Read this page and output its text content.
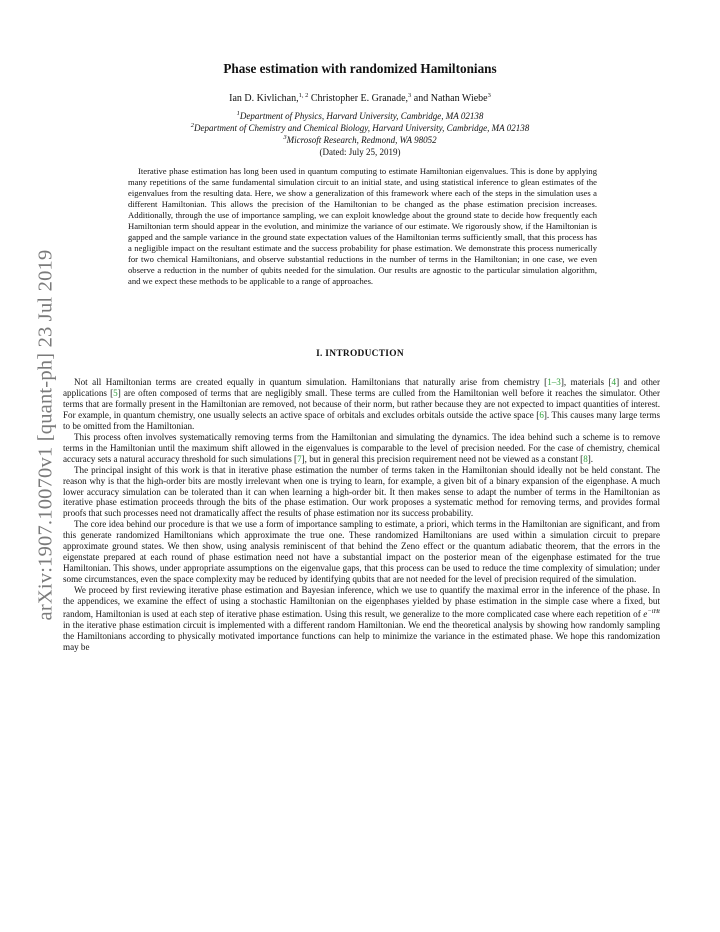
arXiv:1907.10070v1 [quant-ph] 23 Jul 2019
Phase estimation with randomized Hamiltonians
Ian D. Kivlichan,$^{1, 2}$ Christopher E. Granade,$^3$ and Nathan Wiebe$^3$
$^1$Department of Physics, Harvard University, Cambridge, MA 02138
$^2$Department of Chemistry and Chemical Biology, Harvard University, Cambridge, MA 02138
$^3$Microsoft Research, Redmond, WA 98052
(Dated: July 25, 2019)

Iterative phase estimation has long been used in quantum computing to estimate Hamiltonian eigenvalues. This is done by applying many repetitions of the same fundamental simulation circuit to an initial state, and using statistical inference to glean estimates of the eigenvalues from the resulting data. Here, we show a generalization of this framework where each of the steps in the simulation uses a different Hamiltonian. This allows the precision of the Hamiltonian to be changed as the phase estimation precision increases. Additionally, through the use of importance sampling, we can exploit knowledge about the ground state to decide how frequently each Hamiltonian term should appear in the evolution, and minimize the variance of our estimate. We rigorously show, if the Hamiltonian is gapped and the sample variance in the ground state expectation values of the Hamiltonian terms sufficiently small, that this process has a negligible impact on the resultant estimate and the success probability for phase estimation. We demonstrate this process numerically for two chemical Hamiltonians, and observe substantial reductions in the number of terms in the Hamiltonian; in one case, we even observe a reduction in the number of qubits needed for the simulation. Our results are agnostic to the particular simulation algorithm, and we expect these methods to be applicable to a range of approaches.

I. INTRODUCTION

Not all Hamiltonian terms are created equally in quantum simulation. Hamiltonians that naturally arise from chemistry [1–3], materials [4] and other applications [5] are often composed of terms that are negligibly small. These terms are culled from the Hamiltonian well before it reaches the simulator. Other terms that are formally present in the Hamiltonian are removed, not because of their norm, but rather because they are not expected to impact quantities of interest. For example, in quantum chemistry, one usually selects an active space of orbitals and excludes orbitals outside the active space [6]. This causes many large terms to be omitted from the Hamiltonian.

This process often involves systematically removing terms from the Hamiltonian and simulating the dynamics. The idea behind such a scheme is to remove terms in the Hamiltonian until the maximum shift allowed in the eigenvalues is comparable to the level of precision needed. For the case of chemistry, chemical accuracy sets a natural accuracy threshold for such simulations [7], but in general this precision requirement need not be viewed as a constant [8].

The principal insight of this work is that in iterative phase estimation the number of terms taken in the Hamiltonian should ideally not be held constant. The reason why is that the high-order bits are mostly irrelevant when one is trying to learn, for example, a given bit of a binary expansion of the eigenphase. A much lower accuracy simulation can be tolerated than it can when learning a high-order bit. It then makes sense to adapt the number of terms in the Hamiltonian as iterative phase estimation proceeds through the bits of the phase estimation. Our work proposes a systematic method for removing terms, and provides formal proofs that such processes need not dramatically affect the results of phase estimation nor its success probability.

The core idea behind our procedure is that we use a form of importance sampling to estimate, a priori, which terms in the Hamiltonian are significant, and from this generate randomized Hamiltonians which approximate the true one. These randomized Hamiltonians are used within a simulation circuit to prepare approximate ground states. We then show, using analysis reminiscent of that behind the Zeno effect or the quantum adiabatic theorem, that the errors in the eigenstate prepared at each round of phase estimation need not have a substantial impact on the posterior mean of the eigenphase estimated for the true Hamiltonian. This shows, under appropriate assumptions on the eigenvalue gaps, that this process can be used to reduce the time complexity of simulation; under some circumstances, even the space complexity may be reduced by identifying qubits that are not needed for the level of precision required of the simulation.

We proceed by first reviewing iterative phase estimation and Bayesian inference, which we use to quantify the maximal error in the inference of the phase. In the appendices, we examine the effect of using a stochastic Hamiltonian on the eigenphases yielded by phase estimation in the simple case where a fixed, but random, Hamiltonian is used at each step of iterative phase estimation. Using this result, we generalize to the more complicated case where each repetition of $e^{-iHt}$ in the iterative phase estimation circuit is implemented with a different random Hamiltonian. We end the theoretical analysis by showing how randomly sampling the Hamiltonians according to physically motivated importance functions can help to minimize the variance in the estimated phase. We hope this randomization may be
